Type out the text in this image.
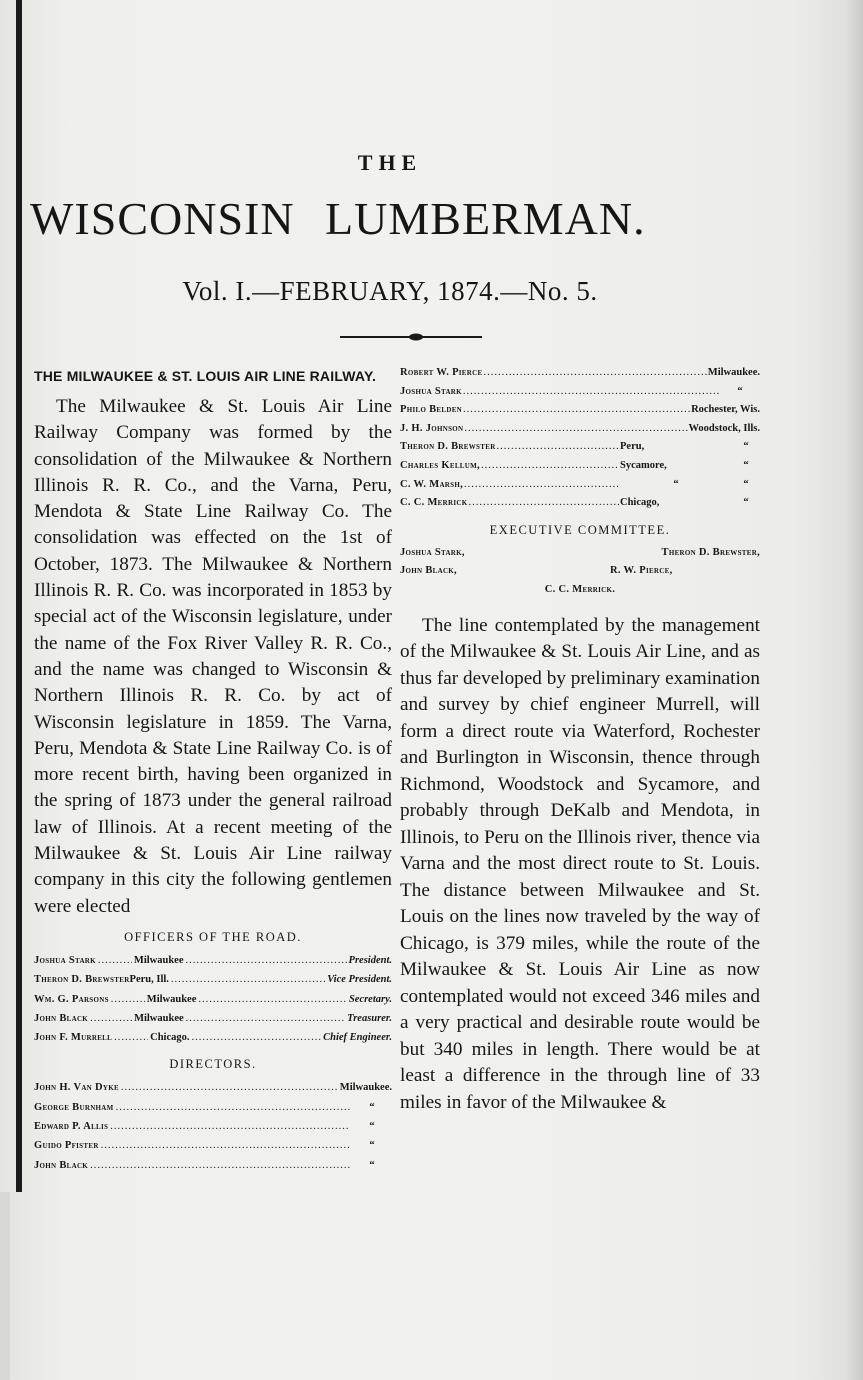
THE
WISCONSIN LUMBERMAN.
Vol. I.—FEBRUARY, 1874.—No. 5.
THE MILWAUKEE & ST. LOUIS AIR LINE RAILWAY.

The Milwaukee & St. Louis Air Line Railway Company was formed by the consolidation of the Milwaukee & Northern Illinois R. R. Co., and the Varna, Peru, Mendota & State Line Railway Co. The consolidation was effected on the 1st of October, 1873. The Milwaukee & Northern Illinois R. R. Co. was incorporated in 1853 by special act of the Wisconsin legislature, under the name of the Fox River Valley R. R. Co., and the name was changed to Wisconsin & Northern Illinois R. R. Co. by act of Wisconsin legislature in 1859. The Varna, Peru, Mendota & State Line Railway Co. is of more recent birth, having been organized in the spring of 1873 under the general railroad law of Illinois. At a recent meeting of the Milwaukee & St. Louis Air Line railway company in this city the following gentlemen were elected

OFFICERS OF THE ROAD.
Joshua Stark .....	Milwaukee .....	President.
Theron D. Brewster Peru, Ill. .....	Vice President.
Wm. G. Parsons .....	Milwaukee .....	Secretary.
John Black .....	Milwaukee .....	Treasurer.
John F. Murrell .....	Chicago. .....	Chief Engineer.
DIRECTORS.
John H. Van Dyke .....	Milwaukee.
George Burnham .....	“
Edward P. Allis .....	“
Guido Pfister .....	“
John Black .....	“
Robert W. Pierce .....	Milwaukee.
Joshua Stark .....	“
Philo Belden .....	Rochester, Wis.
J. H. Johnson .....	Woodstock, Ills.
Theron D. Brewster .....	Peru,	“
Charles Kellum, .....	Sycamore,	“
C. W. Marsh, .....	“	“
C. C. Merrick .....	Chicago,	“
EXECUTIVE COMMITTEE.
Joshua Stark,	Theron D. Brewster,
John Black,	R. W. Pierce,
C. C. Merrick.

The line contemplated by the management of the Milwaukee & St. Louis Air Line, and as thus far developed by preliminary examination and survey by chief engineer Murrell, will form a direct route via Waterford, Rochester and Burlington in Wisconsin, thence through Richmond, Woodstock and Sycamore, and probably through DeKalb and Mendota, in Illinois, to Peru on the Illinois river, thence via Varna and the most direct route to St. Louis. The distance between Milwaukee and St. Louis on the lines now traveled by the way of Chicago, is 379 miles, while the route of the Milwaukee & St. Louis Air Line as now contemplated would not exceed 346 miles and a very practical and desirable route would be but 340 miles in length. There would be at least a difference in the through line of 33 miles in favor of the Milwaukee &
